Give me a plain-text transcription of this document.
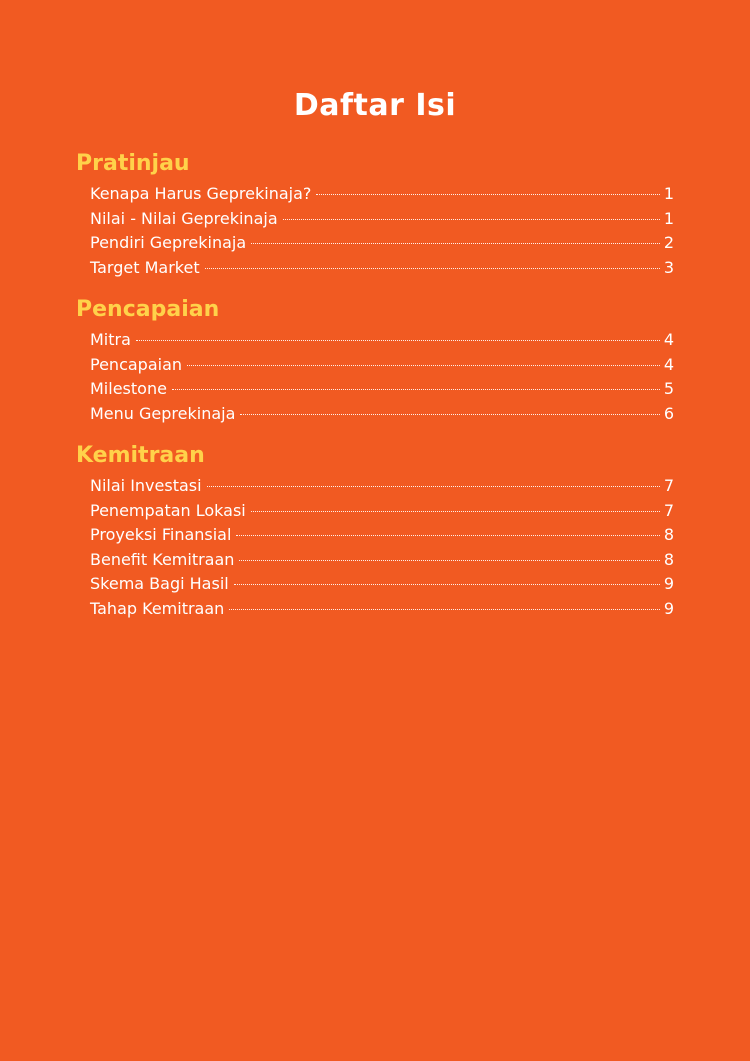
Daftar Isi
Pratinjau
Kenapa Harus Geprekinaja?	1
Nilai - Nilai Geprekinaja	1
Pendiri Geprekinaja	2
Target Market	3
Pencapaian
Mitra	4
Pencapaian	4
Milestone	5
Menu Geprekinaja	6
Kemitraan
Nilai Investasi	7
Penempatan Lokasi	7
Proyeksi Finansial	8
Benefit Kemitraan	8
Skema Bagi Hasil	9
Tahap Kemitraan	9
